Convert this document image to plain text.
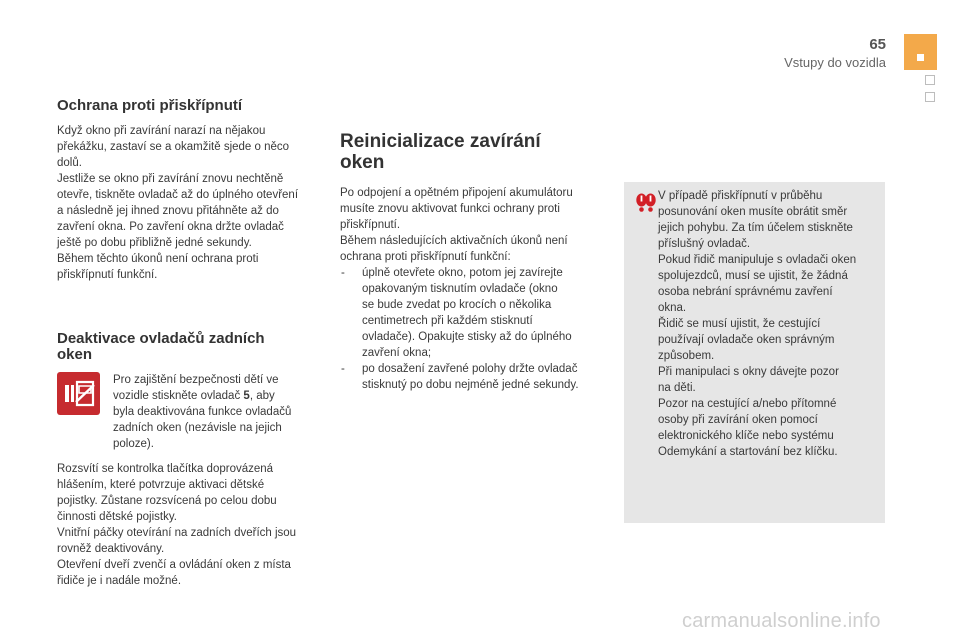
65
Vstupy do vozidla
Ochrana proti přiskřípnutí

Když okno při zavírání narazí na nějakou
překážku, zastaví se a okamžitě sjede o něco
dolů.
Jestliže se okno při zavírání znovu nechtěně
otevře, tiskněte ovladač až do úplného otevření
a následně jej ihned znovu přitáhněte až do
zavření okna. Po zavření okna držte ovladač
ještě po dobu přibližně jedné sekundy.
Během těchto úkonů není ochrana proti
přiskřípnutí funkční.

Deaktivace ovladačů zadních
oken

Pro zajištění bezpečnosti dětí ve
vozidle stiskněte ovladač 5, aby
byla deaktivována funkce ovladačů
zadních oken (nezávisle na jejich
poloze).

Rozsvítí se kontrolka tlačítka doprovázená
hlášením, které potvrzuje aktivaci dětské
pojistky. Zůstane rozsvícená po celou dobu
činnosti dětské pojistky.
Vnitřní páčky otevírání na zadních dveřích jsou
rovněž deaktivovány.
Otevření dveří zvenčí a ovládání oken z místa
řidiče je i nadále možné.

Reinicializace zavírání
oken

Po odpojení a opětném připojení akumulátoru
musíte znovu aktivovat funkci ochrany proti
přiskřípnutí.
Během následujících aktivačních úkonů není
ochrana proti přiskřípnutí funkční:

- úplně otevřete okno, potom jej zavírejte
opakovaným tisknutím ovladače (okno
se bude zvedat po krocích o několika
centimetrech při každém stisknutí
ovladače). Opakujte stisky až do úplného
zavření okna;
- po dosažení zavřené polohy držte ovladač
stisknutý po dobu nejméně jedné sekundy.

V případě přiskřípnutí v průběhu
posunování oken musíte obrátit směr
jejich pohybu. Za tím účelem stiskněte
příslušný ovladač.
Pokud řidič manipuluje s ovladači oken
spolujezdců, musí se ujistit, že žádná
osoba nebrání správnému zavření
okna.
Řidič se musí ujistit, že cestující
používají ovladače oken správným
způsobem.
Při manipulaci s okny dávejte pozor
na děti.
Pozor na cestující a/nebo přítomné
osoby při zavírání oken pomocí
elektronického klíče nebo systému
Odemykání a startování bez klíčku.

carmanualsonline.info
